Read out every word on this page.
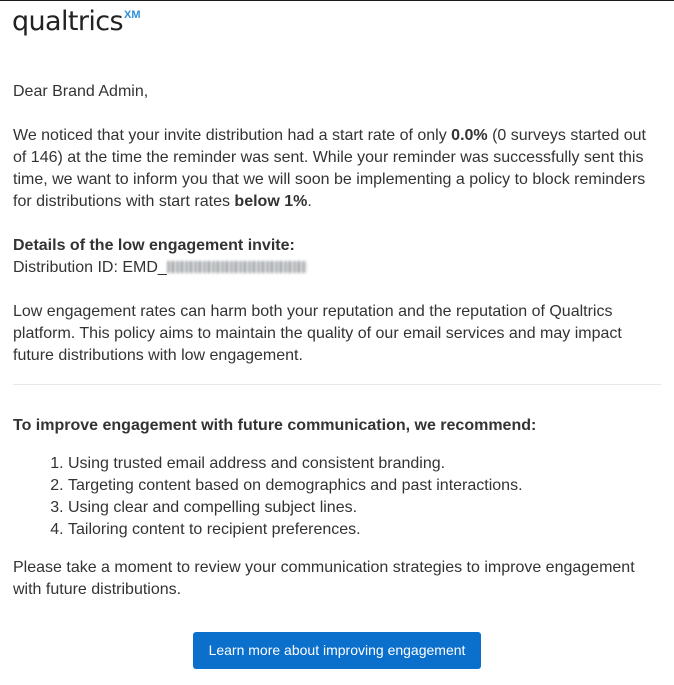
qualtrics XM

Dear Brand Admin,

We noticed that your invite distribution had a start rate of only 0.0% (0 surveys started out of 146) at the time the reminder was sent. While your reminder was successfully sent this time, we want to inform you that we will soon be implementing a policy to block reminders for distributions with start rates below 1%.

Details of the low engagement invite:

Distribution ID: EMD_

Low engagement rates can harm both your reputation and the reputation of Qualtrics platform. This policy aims to maintain the quality of our email services and may impact future distributions with low engagement.

To improve engagement with future communication, we recommend:

1. Using trusted email address and consistent branding.
2. Targeting content based on demographics and past interactions.
3. Using clear and compelling subject lines.
4. Tailoring content to recipient preferences.

Please take a moment to review your communication strategies to improve engagement with future distributions.

Learn more about improving engagement
